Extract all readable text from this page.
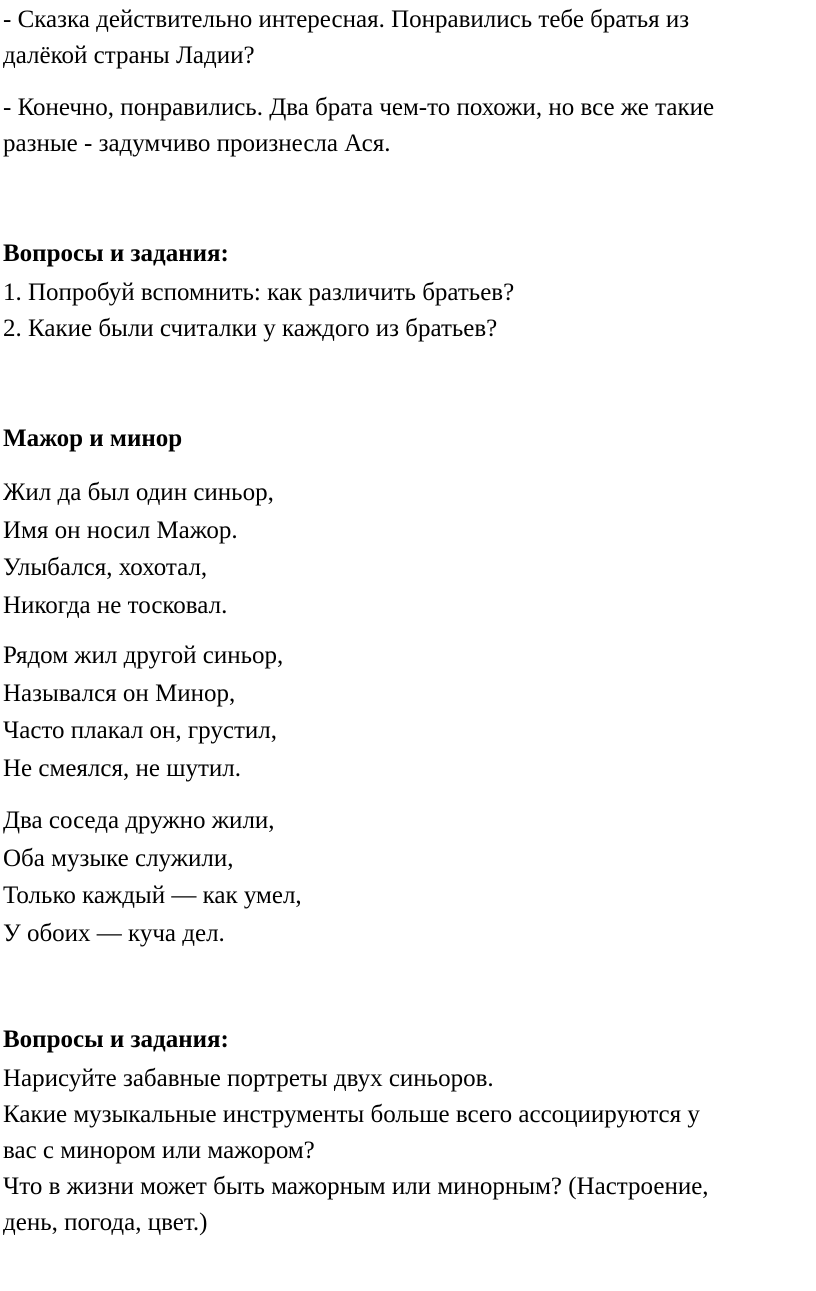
- Сказка действительно интересная. Понравились тебе братья из
далёкой страны Ладии?
- Конечно, понравились. Два брата чем-то похожи, но все же такие
разные - задумчиво произнесла Ася.
Вопросы и задания:
1. Попробуй вспомнить: как различить братьев?
2. Какие были считалки у каждого из братьев?
Мажор и минор
Жил да был один синьор,
Имя он носил Мажор.
Улыбался, хохотал,
Никогда не тосковал.
Рядом жил другой синьор,
Назывался он Минор,
Часто плакал он, грустил,
Не смеялся, не шутил.
Два соседа дружно жили,
Оба музыке служили,
Только каждый — как умел,
У обоих — куча дел.
Вопросы и задания:
Нарисуйте забавные портреты двух синьоров.
Какие музыкальные инструменты больше всего ассоциируются у
вас с минором или мажором?
Что в жизни может быть мажорным или минорным? (Настроение,
день, погода, цвет.)
